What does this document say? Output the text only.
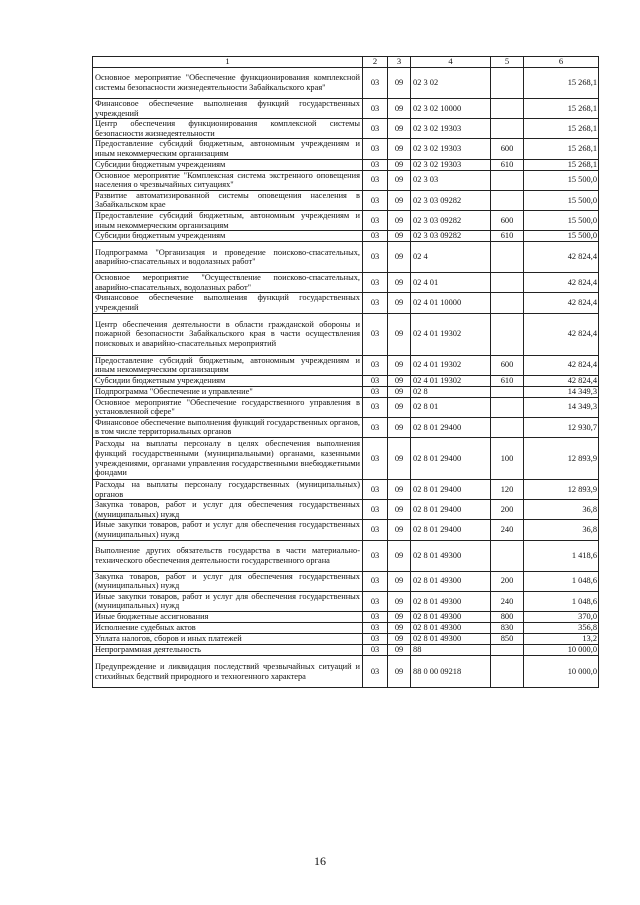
1	2	3	4	5	6
Основное мероприятие "Обеспечение функционирования комплексной системы безопасности жизнедеятельности Забайкальского края"	03	09	02 3 02		15 268,1
Финансовое обеспечение выполнения функций государственных учреждений	03	09	02 3 02 10000		15 268,1
Центр обеспечения функционирования комплексной системы безопасности жизнедеятельности	03	09	02 3 02 19303		15 268,1
Предоставление субсидий бюджетным, автономным учреждениям и иным некоммерческим организациям	03	09	02 3 02 19303	600	15 268,1
Субсидии бюджетным учреждениям	03	09	02 3 02 19303	610	15 268,1
Основное мероприятие "Комплексная система экстренного оповещения населения о чрезвычайных ситуациях"	03	09	02 3 03		15 500,0
Развитие автоматизированной системы оповещения населения в Забайкальском крае	03	09	02 3 03 09282		15 500,0
Предоставление субсидий бюджетным, автономным учреждениям и иным некоммерческим организациям	03	09	02 3 03 09282	600	15 500,0
Субсидии бюджетным учреждениям	03	09	02 3 03 09282	610	15 500,0
Подпрограмма "Организация и проведение поисково-спасательных, аварийно-спасательных и водолазных работ"	03	09	02 4		42 824,4
Основное мероприятие "Осуществление поисково-спасательных, аварийно-спасательных, водолазных работ"	03	09	02 4 01		42 824,4
Финансовое обеспечение выполнения функций государственных учреждений	03	09	02 4 01 10000		42 824,4
Центр обеспечения деятельности в области гражданской обороны и пожарной безопасности Забайкальского края в части осуществления поисковых и аварийно-спасательных мероприятий	03	09	02 4 01 19302		42 824,4
Предоставление субсидий бюджетным, автономным учреждениям и иным некоммерческим организациям	03	09	02 4 01 19302	600	42 824,4
Субсидии бюджетным учреждениям	03	09	02 4 01 19302	610	42 824,4
Подпрограмма "Обеспечение и управление"	03	09	02 8		14 349,3
Основное мероприятие "Обеспечение государственного управления в установленной сфере"	03	09	02 8 01		14 349,3
Финансовое обеспечение выполнения функций государственных органов, в том числе территориальных органов	03	09	02 8 01 29400		12 930,7
Расходы на выплаты персоналу в целях обеспечения выполнения функций государственными (муниципальными) органами, казенными учреждениями, органами управления государственными внебюджетными фондами	03	09	02 8 01 29400	100	12 893,9
Расходы на выплаты персоналу государственных (муниципальных) органов	03	09	02 8 01 29400	120	12 893,9
Закупка товаров, работ и услуг для обеспечения государственных (муниципальных) нужд	03	09	02 8 01 29400	200	36,8
Иные закупки товаров, работ и услуг для обеспечения государственных (муниципальных) нужд	03	09	02 8 01 29400	240	36,8
Выполнение других обязательств государства в части материально-технического обеспечения деятельности государственного органа	03	09	02 8 01 49300		1 418,6
Закупка товаров, работ и услуг для обеспечения государственных (муниципальных) нужд	03	09	02 8 01 49300	200	1 048,6
Иные закупки товаров, работ и услуг для обеспечения государственных (муниципальных) нужд	03	09	02 8 01 49300	240	1 048,6
Иные бюджетные ассигнования	03	09	02 8 01 49300	800	370,0
Исполнение судебных актов	03	09	02 8 01 49300	830	356,8
Уплата налогов, сборов и иных платежей	03	09	02 8 01 49300	850	13,2
Непрограммная деятельность	03	09	88		10 000,0
Предупреждение и ликвидация последствий чрезвычайных ситуаций и стихийных бедствий природного и техногенного характера	03	09	88 0 00 09218		10 000,0
16
